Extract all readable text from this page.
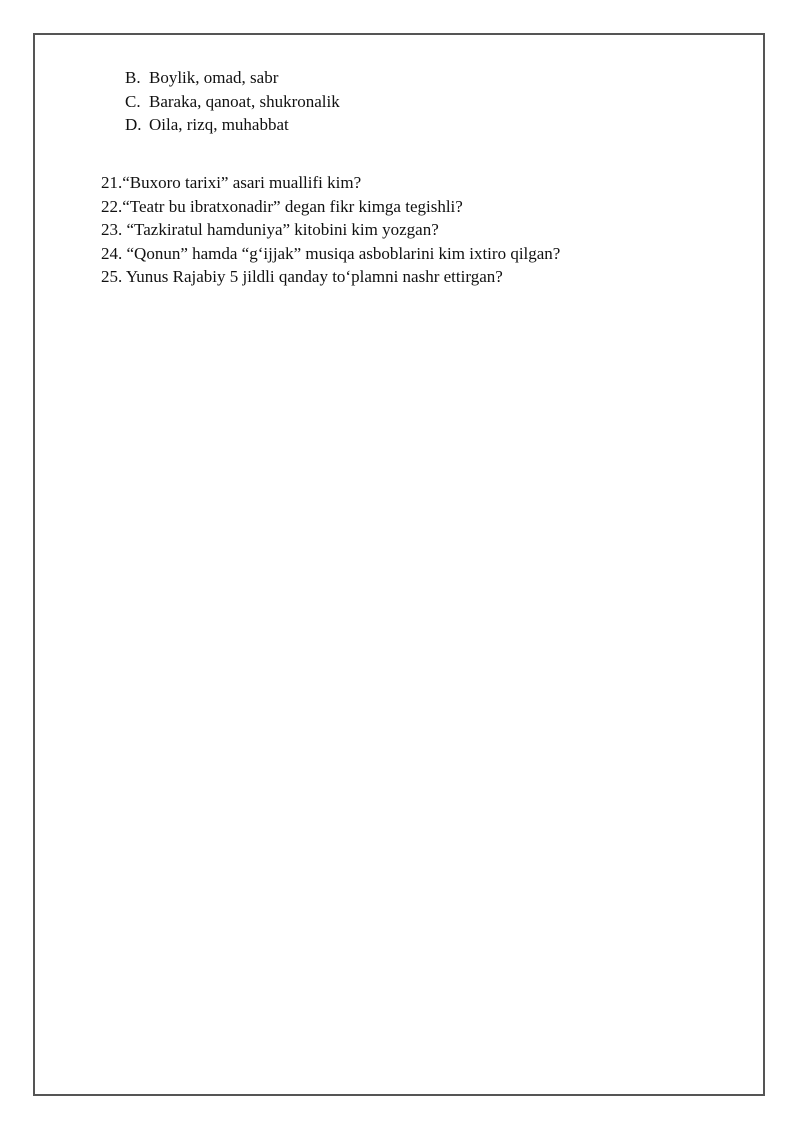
B. Boylik, omad, sabr
C. Baraka, qanoat, shukronalik
D. Oila, rizq, muhabbat
21.“Buxoro tarixi” asari muallifi kim?
22.“Teatr bu ibratxonadir” degan fikr kimga tegishli?
23. “Tazkiratul hamduniya” kitobini kim yozgan?
24. “Qonun” hamda “g‘ijjak” musiqa asboblarini kim ixtiro qilgan?
25. Yunus Rajabiy 5 jildli qanday to‘plamni nashr ettirgan?
